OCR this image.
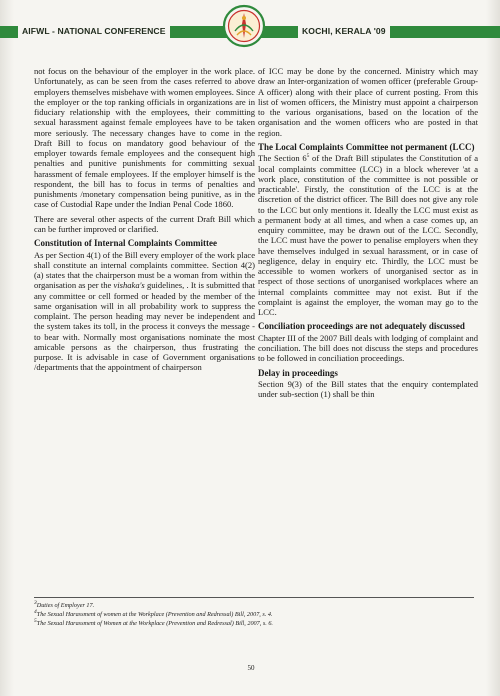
AIFWL - NATIONAL CONFERENCE	KOCHI, KERALA '09

not focus on the behaviour of the employer in the work place. Unfortunately, as can be seen from the cases referred to above employers themselves misbehave with women employees. Since the employer or the top ranking officials in organizations are in fiduciary relationship with the employees, their committing sexual harassment against female employees have to be taken more seriously. The necessary changes have to come in the Draft Bill to focus on mandatory good behaviour of the employer towards female employees and the consequent high penalties and punitive punishments for committing sexual harassment of female employees. If the employer himself is the respondent, the bill has to focus in terms of penalties and punishments /monetary compensation being punitive, as in the case of Custodial Rape under the Indian Penal Code 1860.

There are several other aspects of the current Draft Bill which can be further improved or clarified.

Constitution of Internal Complaints Committee

As per Section 4(1) of the Bill every employer of the work place shall constitute an internal complaints committee. Section 4(2) (a) states that the chairperson must be a woman from within the organisation as per the vishaka's guidelines, . It is submitted that any committee or cell formed or headed by the member of the same organisation will in all probability work to suppress the complaint. The person heading may never be independent and the system takes its toll, in the process it conveys the message - to bear with. Normally most organisations nominate the most amicable persons as the chairperson, thus frustrating the purpose. It is advisable in case of Government organisations /departments that the appointment of chairperson

of ICC may be done by the concerned. Ministry which may draw an Inter-organization of women officer (preferable Group-A officer) along with their place of current posting. From this list of women officers, the Ministry must appoint a chairperson to the various organisations, based on the location of the organisation and the women officers who are posted in that region.

The Local Complaints Committee not permanent (LCC)

The Section $6^5$ of the Draft Bill stipulates the Constitution of a local complaints committee (LCC) in a block wherever 'at a work place, constitution of the committee is not possible or practicable'. Firstly, the constitution of the LCC is at the discretion of the district officer. The Bill does not give any role to the LCC but only mentions it. Ideally the LCC must exist as a permanent body at all times, and when a case comes up, an enquiry committee, may be drawn out of the LCC. Secondly, the LCC must have the power to penalise employers when they have themselves indulged in sexual harassment, or in case of negligence, delay in enquiry etc. Thirdly, the LCC must be accessible to women workers of unorganised sector as in respect of those sections of unorganised workplaces where an internal complaints committee may not exist. But if the complaint is against the employer, the woman may go to the LCC.

Conciliation proceedings are not adequately discussed

Chapter III of the 2007 Bill deals with lodging of complaint and conciliation. The bill does not discuss the steps and procedures to be followed in conciliation proceedings.

Delay in proceedings

Section 9(3) of the Bill states that the enquiry contemplated under sub-section (1) shall be thin

$^3$Duties of Employer 17.
$^4$The Sexual Harassment of women at the Workplace (Prevention and Redressal) Bill, 2007, s. 4.
$^5$The Sexual Harassment of Women at the Workplace (Prevention and Redressal) Bill, 2007, s. 6.
50
